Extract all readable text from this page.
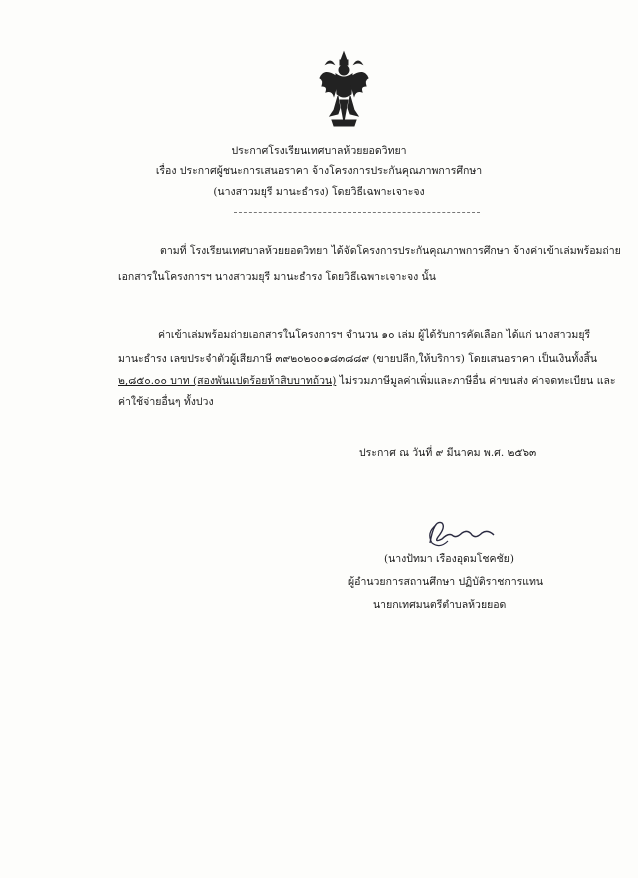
ประกาศโรงเรียนเทศบาลห้วยยอดวิทยา
เรื่อง ประกาศผู้ชนะการเสนอราคา จ้างโครงการประกันคุณภาพการศึกษา
(นางสาวมยุรี มานะธำรง) โดยวิธีเฉพาะเจาะจง
ตามที่ โรงเรียนเทศบาลห้วยยอดวิทยา ได้จัดโครงการประกันคุณภาพการศึกษา จ้างค่าเข้าเล่มพร้อมถ่าย
เอกสารในโครงการฯ นางสาวมยุรี มานะธำรง โดยวิธีเฉพาะเจาะจง นั้น
ค่าเข้าเล่มพร้อมถ่ายเอกสารในโครงการฯ จำนวน ๑๐ เล่ม ผู้ได้รับการคัดเลือก ได้แก่ นางสาวมยุรี
มานะธำรง เลขประจำตัวผู้เสียภาษี ๓๙๒๐๒๐๐๑๘๓๘๘๙ (ขายปลีก,ให้บริการ) โดยเสนอราคา เป็นเงินทั้งสิ้น
๒,๘๕๐.๐๐ บาท (สองพันแปดร้อยห้าสิบบาทถ้วน) ไม่รวมภาษีมูลค่าเพิ่มและภาษีอื่น ค่าขนส่ง ค่าจดทะเบียน และ
ค่าใช้จ่ายอื่นๆ ทั้งปวง
ประกาศ ณ วันที่ ๙ มีนาคม พ.ศ. ๒๕๖๓
(นางปัทมา เรืองอุดมโชคชัย)
ผู้อำนวยการสถานศึกษา ปฏิบัติราชการแทน
นายกเทศมนตรีตำบลห้วยยอด
